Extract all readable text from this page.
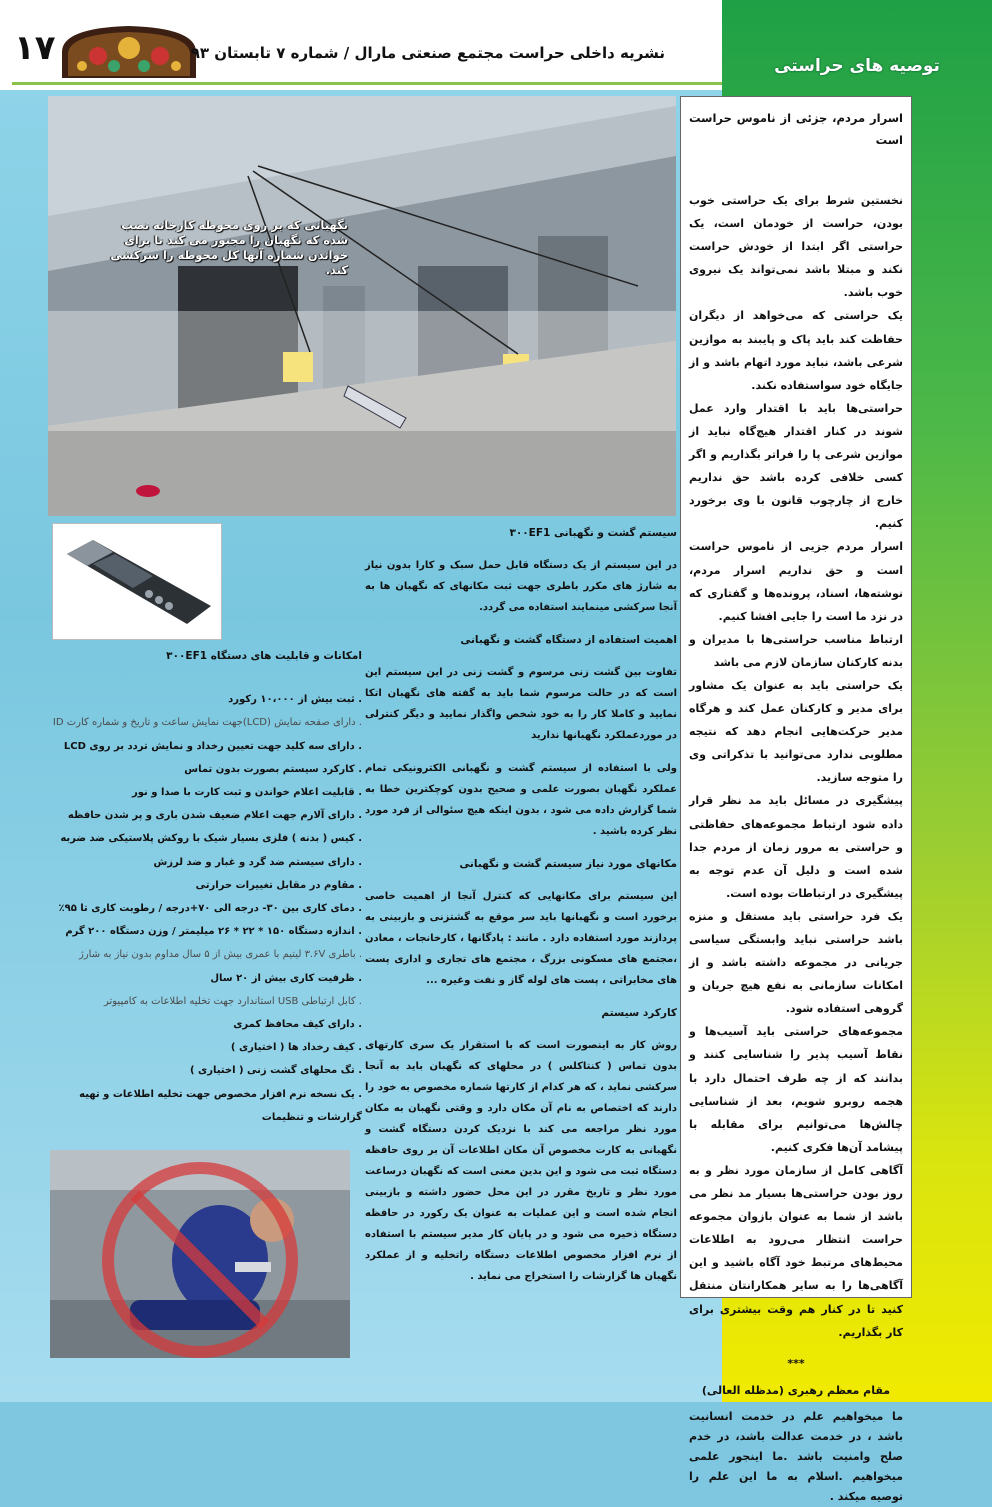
١٧	نشریه داخلی حراست مجتمع صنعتی مارال / شماره ۷ تابستان ۹۳
توصیه های حراستی
نگهبانی که بر روی محوطه کارخانه نصب شده که نگهبان را مجبور می کند تا برای خواندن شماره آنها کل محوطه را سرکشی کند.
اسرار مردم، جزئی از ناموس حراست است

نخستین شرط برای یک حراستی خوب بودن، حراست از خودمان است، یک حراستی اگر ابتدا از خودش حراست نکند و مبتلا باشد نمی‌تواند یک نیروی خوب باشد.

یک حراستی که می‌خواهد از دیگران حفاظت کند باید پاک و پایبند به موازین شرعی باشد، نباید مورد اتهام باشد و از جایگاه خود سواستفاده نکند.

حراستی‌ها باید با اقتدار وارد عمل شوند در کنار اقتدار هیچ‌گاه نباید از موازین شرعی پا را فراتر بگذاریم و اگر کسی خلافی کرده باشد حق نداریم خارج از چارچوب قانون با وی برخورد کنیم.

اسرار مردم جزیی از ناموس حراست است و حق نداریم اسرار مردم، نوشته‌ها، اسناد، پرونده‌ها و گفتاری که در نزد ما است را جایی افشا کنیم.

ارتباط مناسب حراستی‌ها با مدیران و بدنه کارکنان سازمان لازم می باشد

یک حراستی باید به عنوان یک مشاور برای مدیر و کارکنان عمل کند و هرگاه مدیر حرکت‌هایی انجام دهد که نتیجه مطلوبی ندارد می‌توانید با تذکراتی وی را متوجه سازید.

پیشگیری در مسائل باید مد نظر قرار داده شود ارتباط مجموعه‌های حفاظتی و حراستی به مرور زمان از مردم جدا شده است و دلیل آن عدم توجه به پیشگیری در ارتباطات بوده است.

یک فرد حراستی باید مستقل و منزه باشد حراستی نباید وابستگی سیاسی جریانی در مجموعه داشته باشد و از امکانات سازمانی به نفع هیچ جریان و گروهی استفاده شود.

مجموعه‌های حراستی باید آسیب‌ها و نقاط آسیب پذیر را شناسایی کنند و بدانند که از چه طرف احتمال دارد با هجمه روبرو شویم، بعد از شناسایی چالش‌ها می‌توانیم برای مقابله با پیشامد آن‌ها فکری کنیم.

آگاهی کامل از سازمان مورد نظر و به روز بودن حراستی‌ها بسیار مد نظر می باشد از شما به عنوان بازوان مجموعه حراست انتظار می‌رود به اطلاعات محیط‌های مرتبط خود آگاه باشید و این آگاهی‌ها را به سایر همکارانتان منتقل کنید تا در کنار هم وقت بیشتری برای کار بگذاریم.

***
مقام معظم رهبری (مدظله العالی)
ما میخواهیم علم در خدمت انسانیت باشد ، در خدمت عدالت باشد، در خدم صلح وامنیت باشد .ما اینجور علمی میخواهیم .اسلام به ما این علم را توصیه میکند .
سیستم گشت و نگهبانی ۳۰۰EF1

در این سیستم از یک دستگاه قابل حمل سبک و کارا بدون نیاز به شارژ های مکرر باطری جهت ثبت مکانهای که نگهبان ها به آنجا سرکشی مینمایند استفاده می گردد.

اهمیت استفاده از دستگاه گشت و نگهبانی

تفاوت بین گشت زنی مرسوم و گشت زنی در این سیستم این است که در حالت مرسوم شما باید به گفته های نگهبان اتکا نمایید و کاملا کار را به خود شخص واگذار نمایید و دیگر کنترلی در موردعملکرد نگهبانها ندارید

ولی با استفاده از سیستم گشت و نگهبانی الکترونیکی تمام عملکرد نگهبان بصورت علمی و صحیح بدون کوچکترین خطا به شما گزارش داده می شود ، بدون اینکه هیچ سئوالی از فرد مورد نظر کرده باشید .

مکانهای مورد نیاز سیستم گشت و نگهبانی

این سیستم برای مکانهایی که کنترل آنجا از اهمیت خاصی برخورد است و نگهبانها باید سر موقع به گشتزنی و بازبینی به پردازند مورد استفاده دارد . مانند : پادگانها ، کارخانجات ، معادن ،مجتمع های مسکونی بزرگ ، مجتمع های تجاری و اداری پست های مخابراتی ، پست های لوله گاز و نفت وغیره ...

کارکرد سیستم

روش کار به اینصورت است که با استقرار یک سری کارتهای بدون تماس ( کنتاکلس ) در محلهای که نگهبان باید به آنجا سرکشی نماید ، که هر کدام از کارتها شماره مخصوص به خود را دارند که اختصاص به نام آن مکان دارد و وقتی نگهبان به مکان مورد نظر مراجعه می کند با نزدیک کردن دستگاه گشت و نگهبانی به کارت مخصوص آن مکان اطلاعات آن بر روی حافظه دستگاه ثبت می شود و این بدین معنی است که نگهبان درساعت مورد نظر و تاریخ مقرر در این محل حضور داشته و بازبینی انجام شده است و این عملیات به عنوان یک رکورد در حافظه دستگاه ذخیره می شود و در پایان کار مدیر سیستم با استفاده از نرم افزار مخصوص اطلاعات دستگاه راتخلیه و از عملکرد نگهبان ها گزارشات را استخراج می نماید .

امکانات و قابلیت های دستگاه ۳۰۰EF1
. ثبت بیش از ۱۰،۰۰۰ رکورد
. دارای صفحه نمایش (LCD)جهت نمایش ساعت و تاریخ و شماره کارت ID
. دارای سه کلید جهت تعیین رخداد و نمایش تردد بر روی LCD
. کارکرد سیستم بصورت بدون تماس
. قابلیت اعلام خواندن و ثبت کارت با صدا و نور
. دارای آلارم جهت اعلام ضعیف شدن باری و پر شدن حافظه
. کیس ( بدنه ) فلزی بسیار شیک با روکش پلاستیکی ضد ضربه
. دارای سیستم ضد گرد و غبار و ضد لرزش
. مقاوم در مقابل تغییرات حرارتی
. دمای کاری بین ۳۰- درجه الی ۷۰+درجه / رطوبت کاری تا ۹۵٪
. اندازه دستگاه ۱۵۰ * ۲۲ * ۲۶ میلیمتر / وزن دستگاه ۲۰۰ گرم
. باطری ۳.۶V لیتیم با عمری بیش از ۵ سال مداوم بدون نیاز به شارژ
. ظرفیت کاری بیش از ۲۰ سال
. کابل ارتباطی USB استاندارد جهت تخلیه اطلاعات به کامپیوتر
. دارای کیف محافظ کمری
. کیف رخداد ها ( اختیاری )
. تگ محلهای گشت زنی ( اختیاری )
. یک نسخه نرم افزار مخصوص جهت تخلیه اطلاعات و تهیه گزارشات و تنظیمات
